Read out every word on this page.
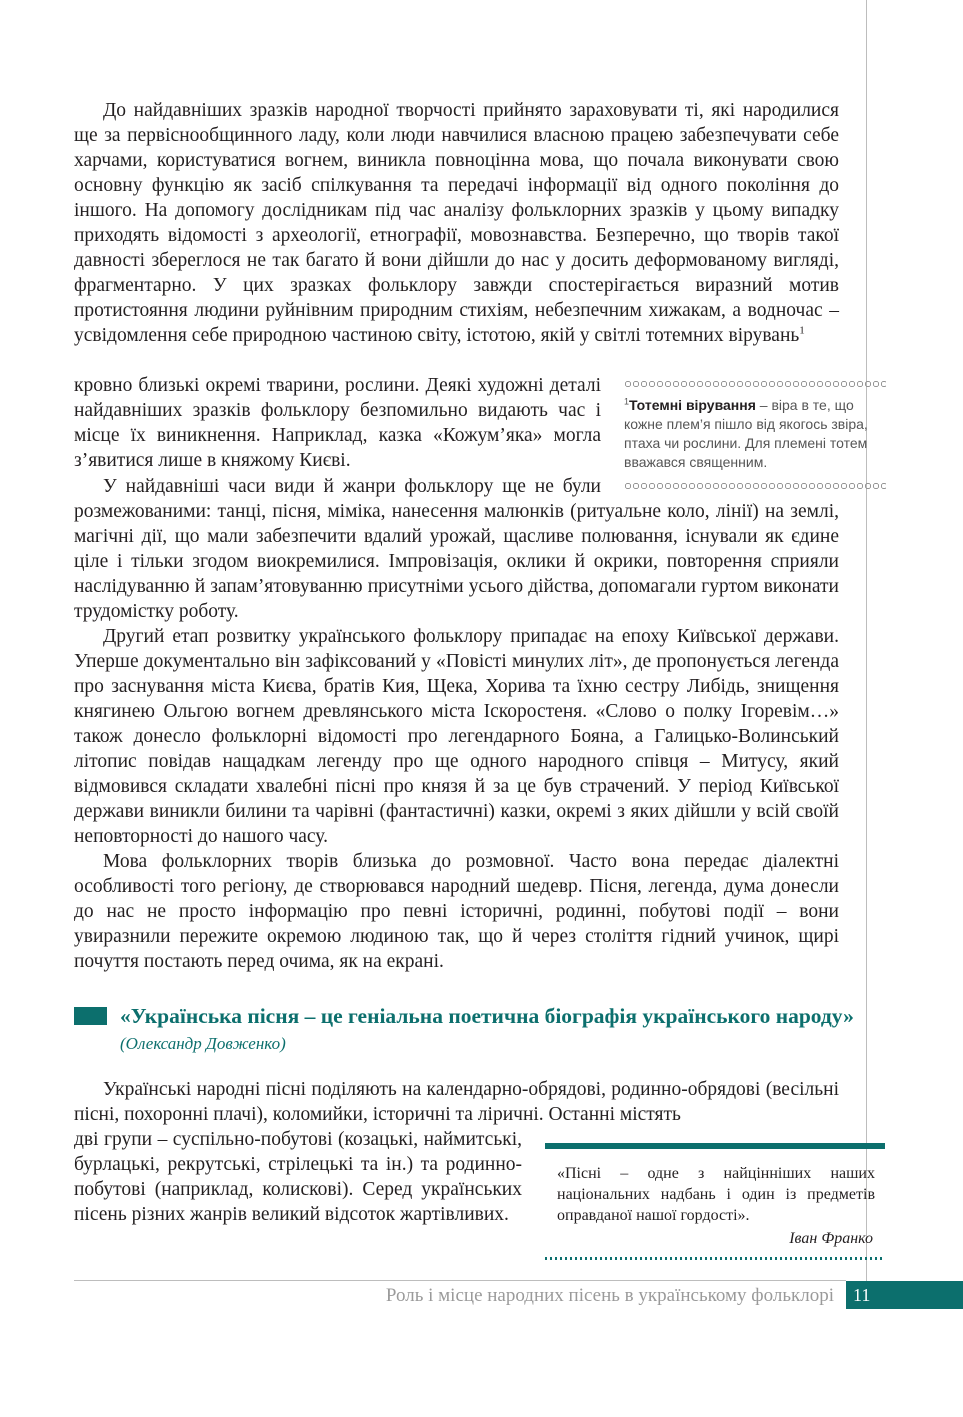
До найдавніших зразків народної творчості прийнято зараховувати ті, які народилися ще за первіснообщинного ладу, коли люди навчилися власною працею забезпечувати себе харчами, користуватися вогнем, виникла повноцінна мова, що почала виконувати свою основну функцію як засіб спілкування та передачі інформації від одного покоління до іншого. На допомогу дослідникам під час аналізу фольклорних зразків у цьому випадку приходять відомості з археології, етнографії, мовознавства. Безперечно, що творів такої давності збереглося не так багато й вони дійшли до нас у досить деформованому вигляді, фрагментарно. У цих зразках фольклору завжди спостерігається виразний мотив протистояння людини руйнівним природним стихіям, небезпечним хижакам, а водночас – усвідомлення себе природною частиною світу, істотою, якій у світлі тотемних вірувань$^1$

кровно близькі окремі тварини, рослини. Деякі художні деталі найдавніших зразків фольклору безпомильно видають час і місце їх виникнення. Наприклад, казка «Кожум’яка» могла з’явитися лише в княжому Києві.

$^1$Тотемні вірування – віра в те, що кожне плем’я пішло від якогось звіра, птаха чи рослини. Для племені тотем вважався священним.

У найдавніші часи види й жанри фольклору ще не були розмежованими: танці, пісня, міміка, нанесення малюнків (ритуальне коло, лінії) на землі, магічні дії, що мали забезпечити вдалий урожай, щасливе полювання, існували як єдине ціле і тільки згодом виокремилися. Імпровізація, оклики й окрики, повторення сприяли наслідуванню й запам’ятовуванню присутніми усього дійства, допомагали гуртом виконати трудомістку роботу.

Другий етап розвитку українського фольклору припадає на епоху Київської держави. Уперше документально він зафіксований у «Повісті минулих літ», де пропонується легенда про заснування міста Києва, братів Кия, Щека, Хорива та їхню сестру Либідь, знищення княгинею Ольгою вогнем древлянського міста Іскоростеня. «Слово о полку Ігоревім…» також донесло фольклорні відомості про легендарного Бояна, а Галицько-Волинський літопис повідав нащадкам легенду про ще одного народного співця – Митусу, який відмовився складати хвалебні пісні про князя й за це був страчений. У період Київської держави виникли билини та чарівні (фантастичні) казки, окремі з яких дійшли у всій своїй неповторності до нашого часу.

Мова фольклорних творів близька до розмовної. Часто вона передає діалектні особливості того регіону, де створювався народний шедевр. Пісня, легенда, дума донесли до нас не просто інформацію про певні історичні, родинні, побутові події – вони увиразнили пережите окремою людиною так, що й через століття гідний учинок, щирі почуття постають перед очима, як на екрані.

«Українська пісня – це геніальна поетична біографія українського народу» (Олександр Довженко)

Українські народні пісні поділяють на календарно-обрядові, родинно-обрядові (весільні пісні, похоронні плачі), коломийки, історичні та ліричні. Останні містять

дві групи – суспільно-побутові (козацькі, наймитські, бурлацькі, рекрутські, стрілецькі та ін.) та родинно-побутові (наприклад, колискові). Серед українських пісень різних жанрів великий відсоток жартівливих.

«Пісні – одне з найцінніших наших національних надбань і один із предметів оправданої нашої гордості».
Іван Франко
Роль і місце народних пісень в українському фольклорі	11
